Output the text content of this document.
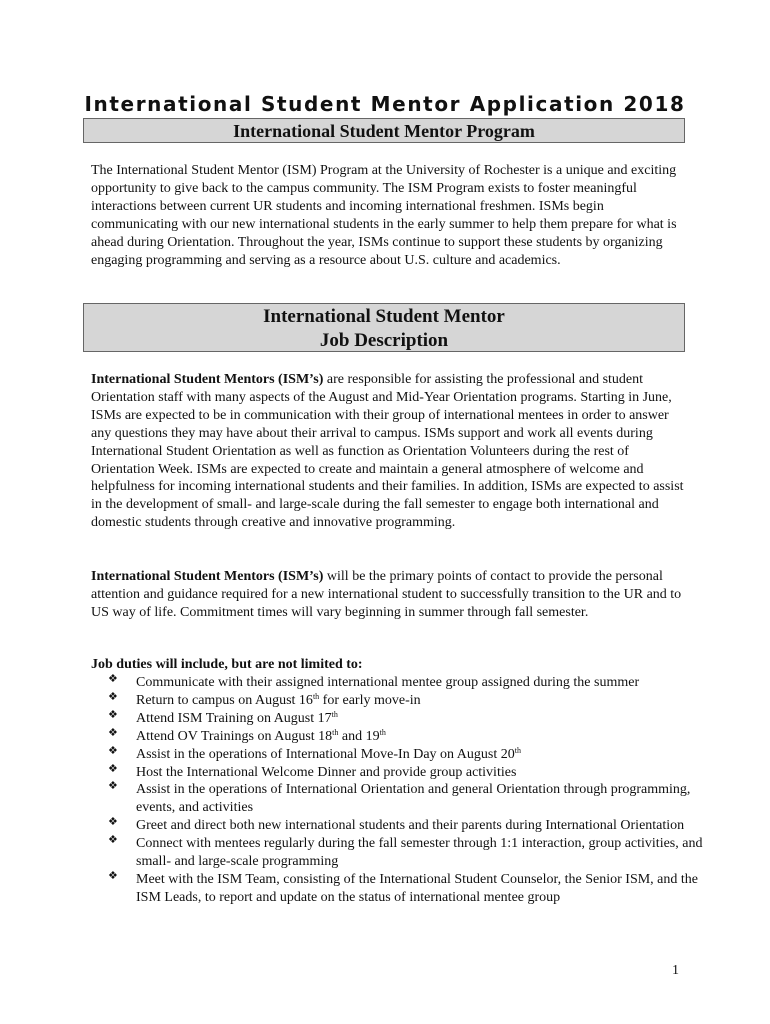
International Student Mentor Application 2018
International Student Mentor Program

The International Student Mentor (ISM) Program at the University of Rochester is a unique and exciting opportunity to give back to the campus community. The ISM Program exists to foster meaningful interactions between current UR students and incoming international freshmen. ISMs begin communicating with our new international students in the early summer to help them prepare for what is ahead during Orientation. Throughout the year, ISMs continue to support these students by organizing engaging programming and serving as a resource about U.S. culture and academics.

International Student Mentor
Job Description

International Student Mentors (ISM’s) are responsible for assisting the professional and student Orientation staff with many aspects of the August and Mid-Year Orientation programs. Starting in June, ISMs are expected to be in communication with their group of international mentees in order to answer any questions they may have about their arrival to campus. ISMs support and work all events during International Student Orientation as well as function as Orientation Volunteers during the rest of Orientation Week. ISMs are expected to create and maintain a general atmosphere of welcome and helpfulness for incoming international students and their families. In addition, ISMs are expected to assist in the development of small- and large-scale during the fall semester to engage both international and domestic students through creative and innovative programming.

International Student Mentors (ISM’s) will be the primary points of contact to provide the personal attention and guidance required for a new international student to successfully transition to the UR and to US way of life. Commitment times will vary beginning in summer through fall semester.

Job duties will include, but are not limited to:
❖ Communicate with their assigned international mentee group assigned during the summer
❖ Return to campus on August 16th for early move-in
❖ Attend ISM Training on August 17th
❖ Attend OV Trainings on August 18th and 19th
❖ Assist in the operations of International Move-In Day on August 20th
❖ Host the International Welcome Dinner and provide group activities
❖ Assist in the operations of International Orientation and general Orientation through programming, events, and activities
❖ Greet and direct both new international students and their parents during International Orientation
❖ Connect with mentees regularly during the fall semester through 1:1 interaction, group activities, and small- and large-scale programming
❖ Meet with the ISM Team, consisting of the International Student Counselor, the Senior ISM, and the ISM Leads, to report and update on the status of international mentee group
1
